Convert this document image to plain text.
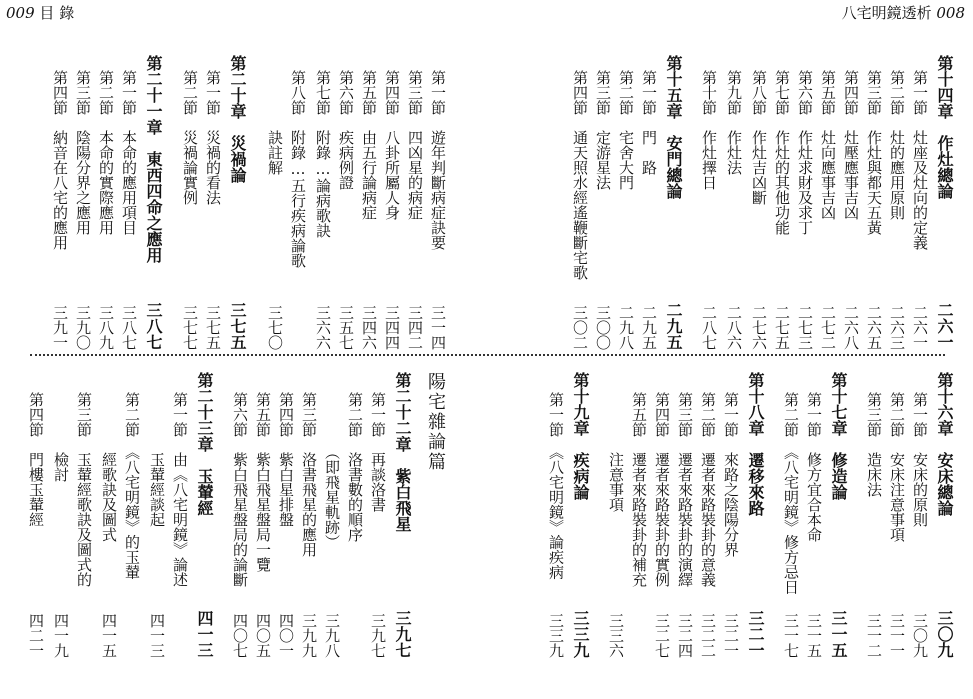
009 目 錄	八宅明鏡透析 008
第一節　遊年判斷病症訣要
三一四
第三節　四凶星的病症
三四二
第四節　八卦所屬人身
三四四
第五節　由五行論病症
三四六
第六節　疾病例證
三五七
第七節　附錄…論病歌訣
三六六
第八節　附錄…五行疾病論歌
　　　　訣註解
三七〇
第二十章　災禍論
三七五
第一節　災禍的看法
三七五
第二節　災禍論實例
三七七
第二十一章　東西四命之應用
三八七
第一節　本命的應用項目
三八七
第二節　本命的實際應用
三八九
第三節　陰陽分界之應用
三九〇
第四節　納音在八宅的應用
三九一
陽宅雜論篇
第二十二章　紫白飛星
三九七
第一節　再談洛書
三九七
第二節　洛書數的順序
　　　　（即飛星軌跡）
三九八
第三節　洛書飛星的應用
三九九
第四節　紫白星排盤
四〇一
第五節　紫白飛星盤局一覽
四〇五
第六節　紫白飛星盤局的論斷
四〇七
第二十三章　玉輦經
四一三
第一節　由《八宅明鏡》論述
　　　　玉輦經談起
四一三
第二節　《八宅明鏡》的玉輦
　　　　經歌訣及圖式
四一五
第三節　玉輦經歌訣及圖式的
　　　　檢討
四一九
第四節　門樓玉輦經
四二一
第十四章　作灶總論
二六一
第一節　灶座及灶向的定義
二六一
第二節　灶的應用原則
二六三
第三節　作灶與都天五黃
二六五
第四節　灶壓應事吉凶
二六八
第五節　灶向應事吉凶
二七二
第六節　作灶求財及求丁
二七三
第七節　作灶的其他功能
二七五
第八節　作灶吉凶斷
二七六
第九節　作灶法
二八六
第十節　作灶擇日
二八七
第十五章　安門總論
二九五
第一節　門　路
二九五
第二節　宅舍大門
二九八
第三節　定游星法
三〇〇
第四節　通天照水經遙鞭斷宅歌
三〇二
第十六章　安床總論
三〇九
第一節　安床的原則
三〇九
第二節　安床注意事項
三一一
第三節　造床法
三一二
第十七章　修造論
三一五
第一節　修方宜合本命
三一五
第二節　《八宅明鏡》修方忌日
三一七
第十八章　遷移來路
三二一
第一節　來路之陰陽分界
三二一
第二節　遷者來路裝卦的意義
三二二
第三節　遷者來路裝卦的演繹
三二四
第四節　遷者來路裝卦的實例
三二七
第五節　遷者來路裝卦的補充
　　　　注意事項
三三六
第十九章　疾病論
三三九
第一節　《八宅明鏡》論疾病
三三九
